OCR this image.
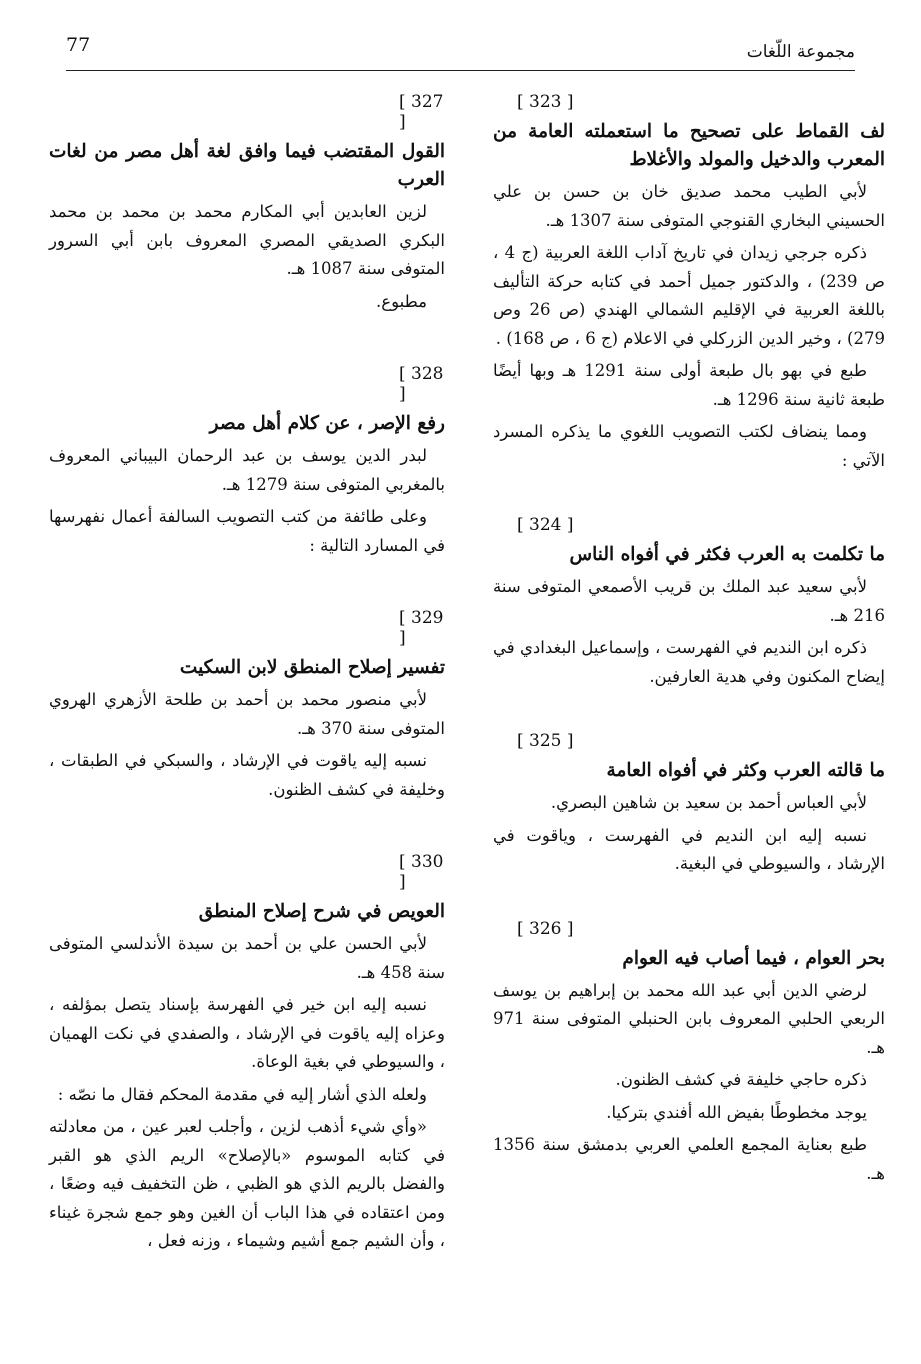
77	مجموعة اللّغات
[ 323 ]
لف القماط على تصحيح ما استعملته العامة من المعرب والدخيل والمولد والأغلاط

لأبي الطيب محمد صديق خان بن حسن بن علي الحسيني البخاري القنوجي المتوفى سنة 1307 هـ.

ذكره جرجي زيدان في تاريخ آداب اللغة العربية (ج 4 ، ص 239) ، والدكتور جميل أحمد في كتابه حركة التأليف باللغة العربية في الإقليم الشمالي الهندي (ص 26 وص 279) ، وخير الدين الزركلي في الاعلام (ج 6 ، ص 168) .

طبع في بهو بال طبعة أولى سنة 1291 هـ وبها أيضًا طبعة ثانية سنة 1296 هـ.

ومما ينضاف لكتب التصويب اللغوي ما يذكره المسرد الآتي :

[ 324 ]
ما تكلمت به العرب فكثر في أفواه الناس

لأبي سعيد عبد الملك بن قريب الأصمعي المتوفى سنة 216 هـ.

ذكره ابن النديم في الفهرست ، وإسماعيل البغدادي في إيضاح المكنون وفي هدية العارفين.

[ 325 ]
ما قالته العرب وكثر في أفواه العامة

لأبي العباس أحمد بن سعيد بن شاهين البصري.

نسبه إليه ابن النديم في الفهرست ، وياقوت في الإرشاد ، والسيوطي في البغية.

[ 326 ]
بحر العوام ، فيما أصاب فيه العوام

لرضي الدين أبي عبد الله محمد بن إبراهيم بن يوسف الربعي الحلبي المعروف بابن الحنبلي المتوفى سنة 971 هـ.

ذكره حاجي خليفة في كشف الظنون.

يوجد مخطوطًا بفيض الله أفندي بتركيا.

طبع بعناية المجمع العلمي العربي بدمشق سنة 1356 هـ.

[ 327 ]
القول المقتضب فيما وافق لغة أهل مصر من لغات العرب

لزين العابدين أبي المكارم محمد بن محمد بن محمد البكري الصديقي المصري المعروف بابن أبي السرور المتوفى سنة 1087 هـ.

مطبوع.

[ 328 ]
رفع الإصر ، عن كلام أهل مصر

لبدر الدين يوسف بن عبد الرحمان البيباني المعروف بالمغربي المتوفى سنة 1279 هـ.

وعلى طائفة من كتب التصويب السالفة أعمال نفهرسها في المسارد التالية :

[ 329 ]
تفسير إصلاح المنطق لابن السكيت

لأبي منصور محمد بن أحمد بن طلحة الأزهري الهروي المتوفى سنة 370 هـ.

نسبه إليه ياقوت في الإرشاد ، والسبكي في الطبقات ، وخليفة في كشف الظنون.

[ 330 ]
العويص في شرح إصلاح المنطق

لأبي الحسن علي بن أحمد بن سيدة الأندلسي المتوفى سنة 458 هـ.

نسبه إليه ابن خير في الفهرسة بإسناد يتصل بمؤلفه ، وعزاه إليه ياقوت في الإرشاد ، والصفدي في نكت الهميان ، والسيوطي في بغية الوعاة.

ولعله الذي أشار إليه في مقدمة المحكم فقال ما نصّه :

«وأي شيء أذهب لزين ، وأجلب لعبر عين ، من معادلته في كتابه الموسوم «بالإصلاح» الريم الذي هو القبر والفضل بالريم الذي هو الظبي ، ظن التخفيف فيه وضعًا ، ومن اعتقاده في هذا الباب أن الغين وهو جمع شجرة غيناء ، وأن الشيم جمع أشيم وشيماء ، وزنه فعل ،
